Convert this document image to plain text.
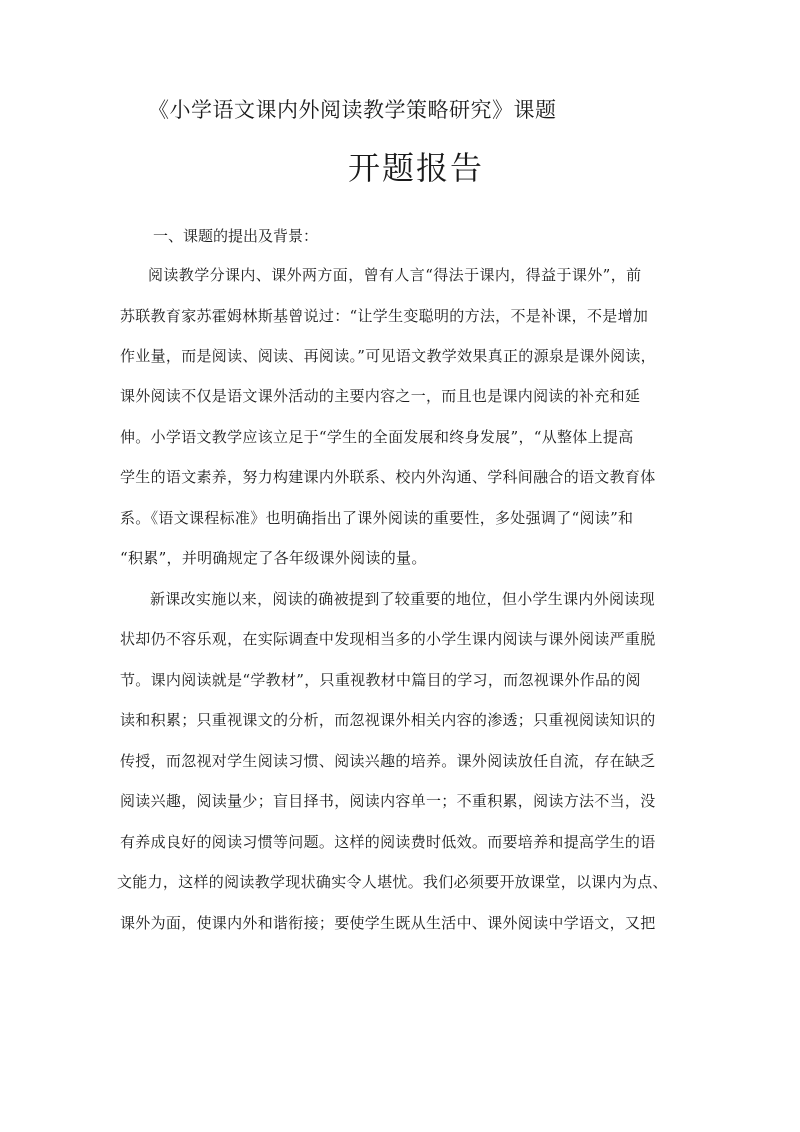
《小学语文课内外阅读教学策略研究》课题
开题报告
一、课题的提出及背景：
阅读教学分课内、课外两方面，曾有人言“得法于课内，得益于课外”，前
苏联教育家苏霍姆林斯基曾说过：“让学生变聪明的方法，不是补课，不是增加
作业量，而是阅读、阅读、再阅读。”可见语文教学效果真正的源泉是课外阅读，
课外阅读不仅是语文课外活动的主要内容之一，而且也是课内阅读的补充和延
伸。小学语文教学应该立足于“学生的全面发展和终身发展”，“从整体上提高
学生的语文素养，努力构建课内外联系、校内外沟通、学科间融合的语文教育体
系。《语文课程标准》也明确指出了课外阅读的重要性，多处强调了“阅读”和
“积累”，并明确规定了各年级课外阅读的量。
新课改实施以来，阅读的确被提到了较重要的地位，但小学生课内外阅读现
状却仍不容乐观，在实际调查中发现相当多的小学生课内阅读与课外阅读严重脱
节。课内阅读就是“学教材”，只重视教材中篇目的学习，而忽视课外作品的阅
读和积累；只重视课文的分析，而忽视课外相关内容的渗透；只重视阅读知识的
传授，而忽视对学生阅读习惯、阅读兴趣的培养。课外阅读放任自流，存在缺乏
阅读兴趣，阅读量少；盲目择书，阅读内容单一；不重积累，阅读方法不当，没
有养成良好的阅读习惯等问题。这样的阅读费时低效。而要培养和提高学生的语
文能力，这样的阅读教学现状确实令人堪忧。我们必须要开放课堂，以课内为点、
课外为面，使课内外和谐衔接；要使学生既从生活中、课外阅读中学语文，又把
